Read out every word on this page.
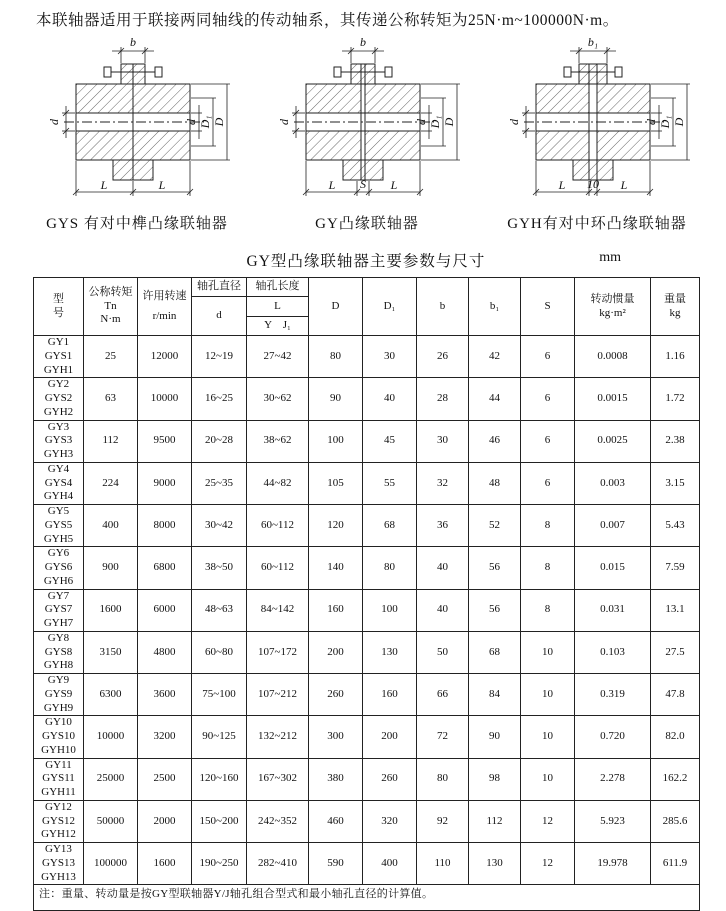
本联轴器适用于联接两同轴线的传动轴系，其传递公称转矩为25N·m~100000N·m。

b
d	d D₁ D
L	L
GYS 有对中榫凸缘联轴器
b
d	d D₁ D
L S L
GY凸缘联轴器
b₁
d	d D₁ D
L 10 L
GYH有对中环凸缘联轴器
GY型凸缘联轴器主要参数与尺寸	mm
型
号

公称转矩
Tn
N·m

许用转速
r/min
	轴孔直径	轴孔长度	D	D₁	b	b₁	S	
转动惯量
kg·m²

重量
kg

			d	L							
				Y　J₁							

GY1
GYS1
GYH1	25	12000	12~19	27~42	80	30	26	42	6	0.0008	1.16

GY2
GYS2
GYH2	63	10000	16~25	30~62	90	40	28	44	6	0.0015	1.72

GY3
GYS3
GYH3	112	9500	20~28	38~62	100	45	30	46	6	0.0025	2.38

GY4
GYS4
GYH4	224	9000	25~35	44~82	105	55	32	48	6	0.003	3.15

GY5
GYS5
GYH5	400	8000	30~42	60~112	120	68	36	52	8	0.007	5.43

GY6
GYS6
GYH6	900	6800	38~50	60~112	140	80	40	56	8	0.015	7.59

GY7
GYS7
GYH7	1600	6000	48~63	84~142	160	100	40	56	8	0.031	13.1

GY8
GYS8
GYH8	3150	4800	60~80	107~172	200	130	50	68	10	0.103	27.5

GY9
GYS9
GYH9	6300	3600	75~100	107~212	260	160	66	84	10	0.319	47.8

GY10
GYS10
GYH10	10000	3200	90~125	132~212	300	200	72	90	10	0.720	82.0

GY11
GYS11
GYH11	25000	2500	120~160	167~302	380	260	80	98	10	2.278	162.2

GY12
GYS12
GYH12	50000	2000	150~200	242~352	460	320	92	112	12	5.923	285.6

GY13
GYS13
GYH13	100000	1600	190~250	282~410	590	400	110	130	12	19.978	611.9
注：重量、转动量是按GY型联轴器Y/J轴孔组合型式和最小轴孔直径的计算值。											
